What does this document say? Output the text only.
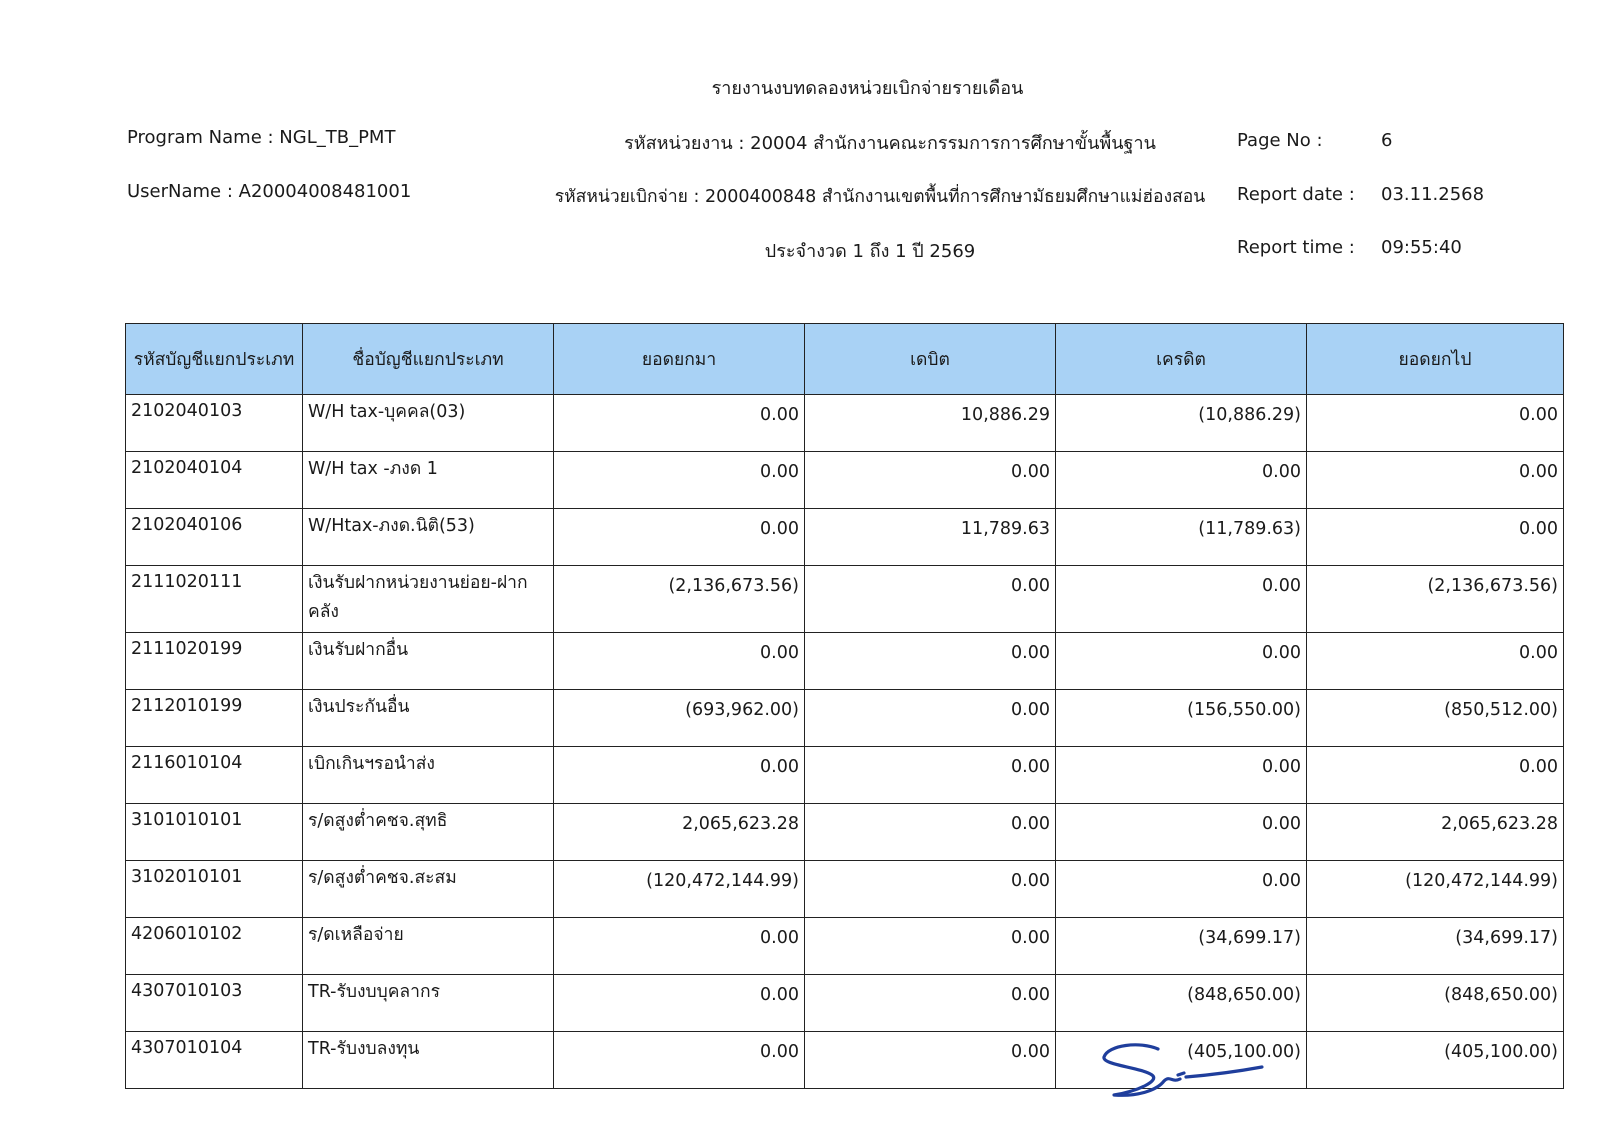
รายงานงบทดลองหน่วยเบิกจ่ายรายเดือน
Program Name : NGL_TB_PMT
UserName : A20004008481001
รหัสหน่วยงาน : 20004 สำนักงานคณะกรรมการการศึกษาขั้นพื้นฐาน
รหัสหน่วยเบิกจ่าย : 2000400848 สำนักงานเขตพื้นที่การศึกษามัธยมศึกษาแม่ฮ่องสอน
ประจำงวด 1 ถึง 1 ปี 2569
Page No :	6
Report date : 03.11.2568
Report time : 09:55:40
รหัสบัญชีแยกประเภท	ชื่อบัญชีแยกประเภท	ยอดยกมา	เดบิต	เครดิต	ยอดยกไป
2102040103	W/H tax-บุคคล(03)	0.00	10,886.29	(10,886.29)	0.00
2102040104	W/H tax -ภงด 1	0.00	0.00	0.00	0.00
2102040106	W/Htax-ภงด.นิติ(53)	0.00	11,789.63	(11,789.63)	0.00
2111020111	เงินรับฝากหน่วยงานย่อย-ฝากคลัง	(2,136,673.56)	0.00	0.00	(2,136,673.56)
2111020199	เงินรับฝากอื่น	0.00	0.00	0.00	0.00
2112010199	เงินประกันอื่น	(693,962.00)	0.00	(156,550.00)	(850,512.00)
2116010104	เบิกเกินฯรอนำส่ง	0.00	0.00	0.00	0.00
3101010101	ร/ดสูงต่ำคชจ.สุทธิ	2,065,623.28	0.00	0.00	2,065,623.28
3102010101	ร/ดสูงต่ำคชจ.สะสม	(120,472,144.99)	0.00	0.00	(120,472,144.99)
4206010102	ร/ดเหลือจ่าย	0.00	0.00	(34,699.17)	(34,699.17)
4307010103	TR-รับงบบุคลากร	0.00	0.00	(848,650.00)	(848,650.00)
4307010104	TR-รับงบลงทุน	0.00	0.00	(405,100.00)	(405,100.00)
